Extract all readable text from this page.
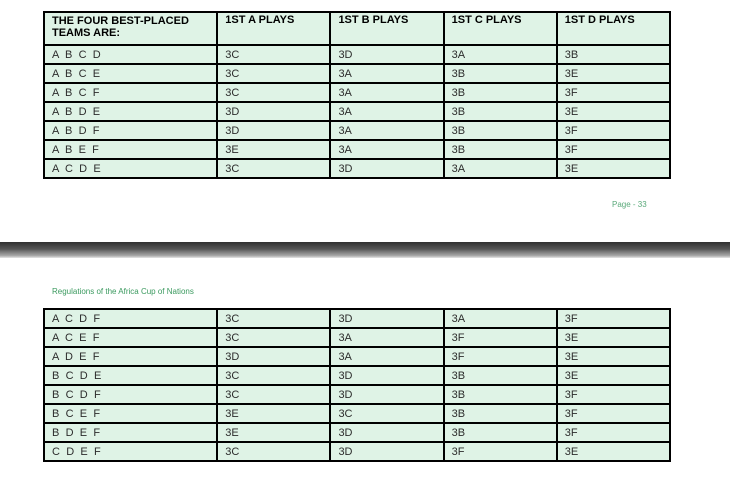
THE FOUR BEST-PLACED TEAMS ARE:	1ST A PLAYS	1ST B PLAYS	1ST C PLAYS	1ST D PLAYS
A B C D	3C	3D	3A	3B
A B C E	3C	3A	3B	3E
A B C F	3C	3A	3B	3F
A B D E	3D	3A	3B	3E
A B D F	3D	3A	3B	3F
A B E F	3E	3A	3B	3F
A C D E	3C	3D	3A	3E
Page - 33
Regulations of the Africa Cup of Nations
A C D F	3C	3D	3A	3F
A C E F	3C	3A	3F	3E
A D E F	3D	3A	3F	3E
B C D E	3C	3D	3B	3E
B C D F	3C	3D	3B	3F
B C E F	3E	3C	3B	3F
B D E F	3E	3D	3B	3F
C D E F	3C	3D	3F	3E
